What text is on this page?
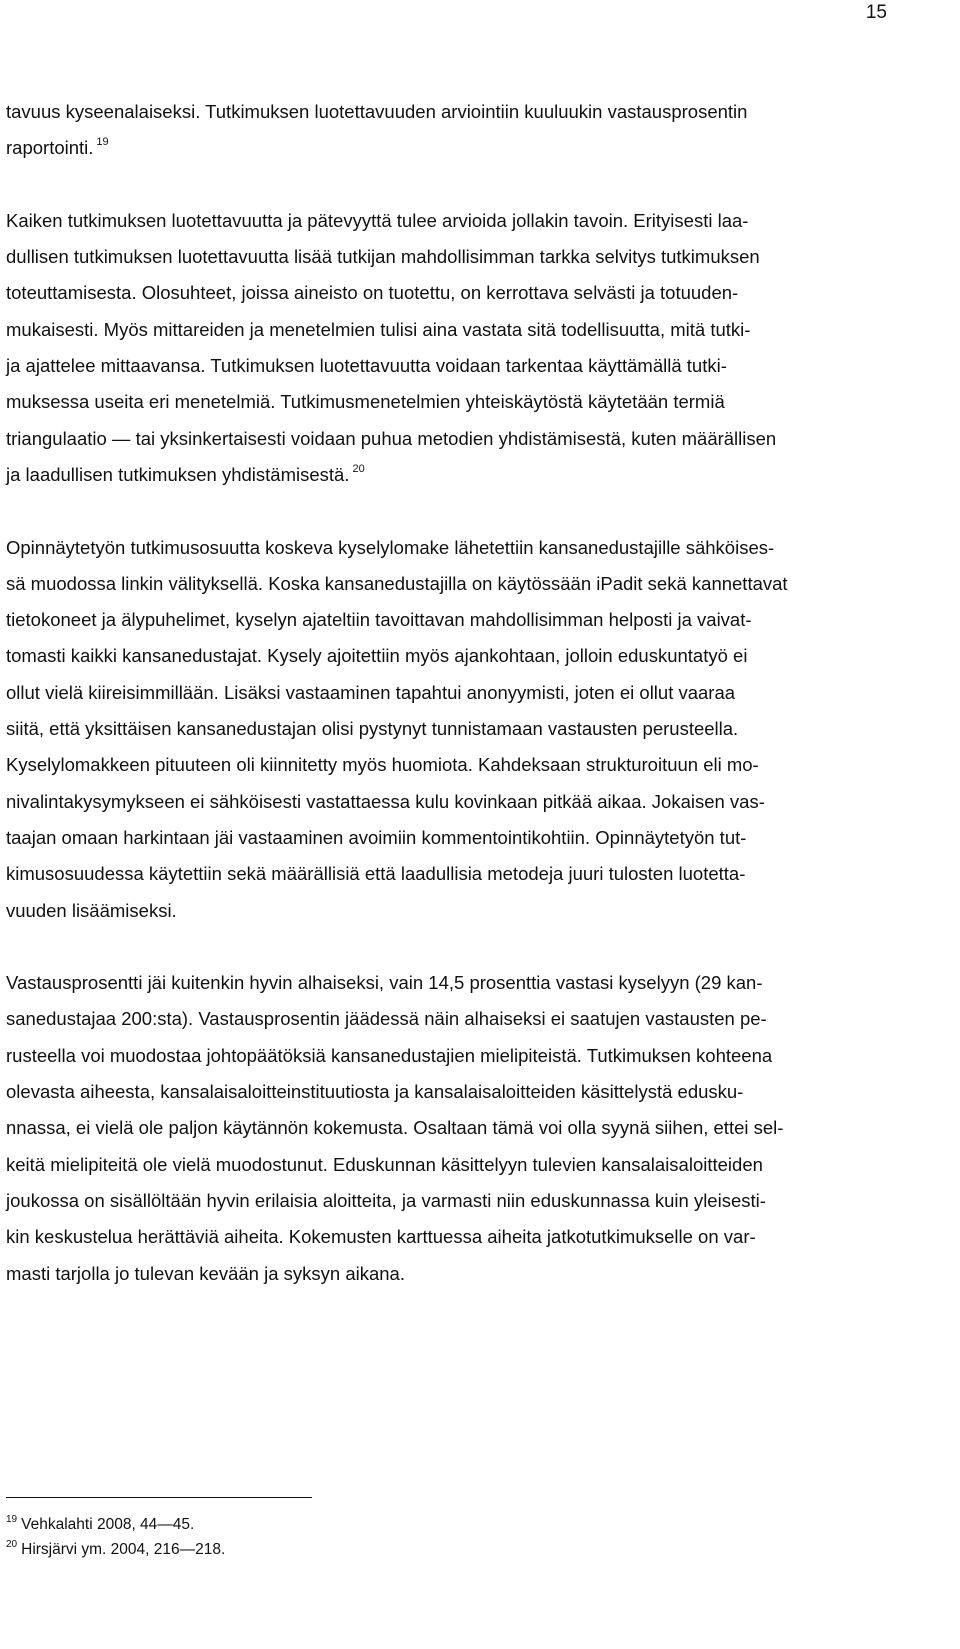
15

tavuus kyseenalaiseksi. Tutkimuksen luotettavuuden arviointiin kuuluukin vastausprosentin
raportointi. $^{19}$

Kaiken tutkimuksen luotettavuutta ja pätevyyttä tulee arvioida jollakin tavoin. Erityisesti laa-
dullisen tutkimuksen luotettavuutta lisää tutkijan mahdollisimman tarkka selvitys tutkimuksen
toteuttamisesta. Olosuhteet, joissa aineisto on tuotettu, on kerrottava selvästi ja totuuden-
mukaisesti. Myös mittareiden ja menetelmien tulisi aina vastata sitä todellisuutta, mitä tutki-
ja ajattelee mittaavansa. Tutkimuksen luotettavuutta voidaan tarkentaa käyttämällä tutki-
muksessa useita eri menetelmiä. Tutkimusmenetelmien yhteiskäytöstä käytetään termiä
triangulaatio — tai yksinkertaisesti voidaan puhua metodien yhdistämisestä, kuten määrällisen
ja laadullisen tutkimuksen yhdistämisestä. $^{20}$

Opinnäytetyön tutkimusosuutta koskeva kyselylomake lähetettiin kansanedustajille sähköises-
sä muodossa linkin välityksellä. Koska kansanedustajilla on käytössään iPadit sekä kannettavat
tietokoneet ja älypuhelimet, kyselyn ajateltiin tavoittavan mahdollisimman helposti ja vaivat-
tomasti kaikki kansanedustajat. Kysely ajoitettiin myös ajankohtaan, jolloin eduskuntatyö ei
ollut vielä kiireisimmillään. Lisäksi vastaaminen tapahtui anonyymisti, joten ei ollut vaaraa
siitä, että yksittäisen kansanedustajan olisi pystynyt tunnistamaan vastausten perusteella.
Kyselylomakkeen pituuteen oli kiinnitetty myös huomiota. Kahdeksaan strukturoituun eli mo-
nivalintakysymykseen ei sähköisesti vastattaessa kulu kovinkaan pitkää aikaa. Jokaisen vas-
taajan omaan harkintaan jäi vastaaminen avoimiin kommentointikohtiin. Opinnäytetyön tut-
kimusosuudessa käytettiin sekä määrällisiä että laadullisia metodeja juuri tulosten luotetta-
vuuden lisäämiseksi.

Vastausprosentti jäi kuitenkin hyvin alhaiseksi, vain 14,5 prosenttia vastasi kyselyyn (29 kan-
sanedustajaa 200:sta). Vastausprosentin jäädessä näin alhaiseksi ei saatujen vastausten pe-
rusteella voi muodostaa johtopäätöksiä kansanedustajien mielipiteistä. Tutkimuksen kohteena
olevasta aiheesta, kansalaisaloitteinstituutiosta ja kansalaisaloitteiden käsittelystä edusku-
nnassa, ei vielä ole paljon käytännön kokemusta. Osaltaan tämä voi olla syynä siihen, ettei sel-
keitä mielipiteitä ole vielä muodostunut. Eduskunnan käsittelyyn tulevien kansalaisaloitteiden
joukossa on sisällöltään hyvin erilaisia aloitteita, ja varmasti niin eduskunnassa kuin yleisesti-
kin keskustelua herättäviä aiheita. Kokemusten karttuessa aiheita jatkotutkimukselle on var-
masti tarjolla jo tulevan kevään ja syksyn aikana.

$^{19}$ Vehkalahti 2008, 44—45.
$^{20}$ Hirsjärvi ym. 2004, 216—218.
